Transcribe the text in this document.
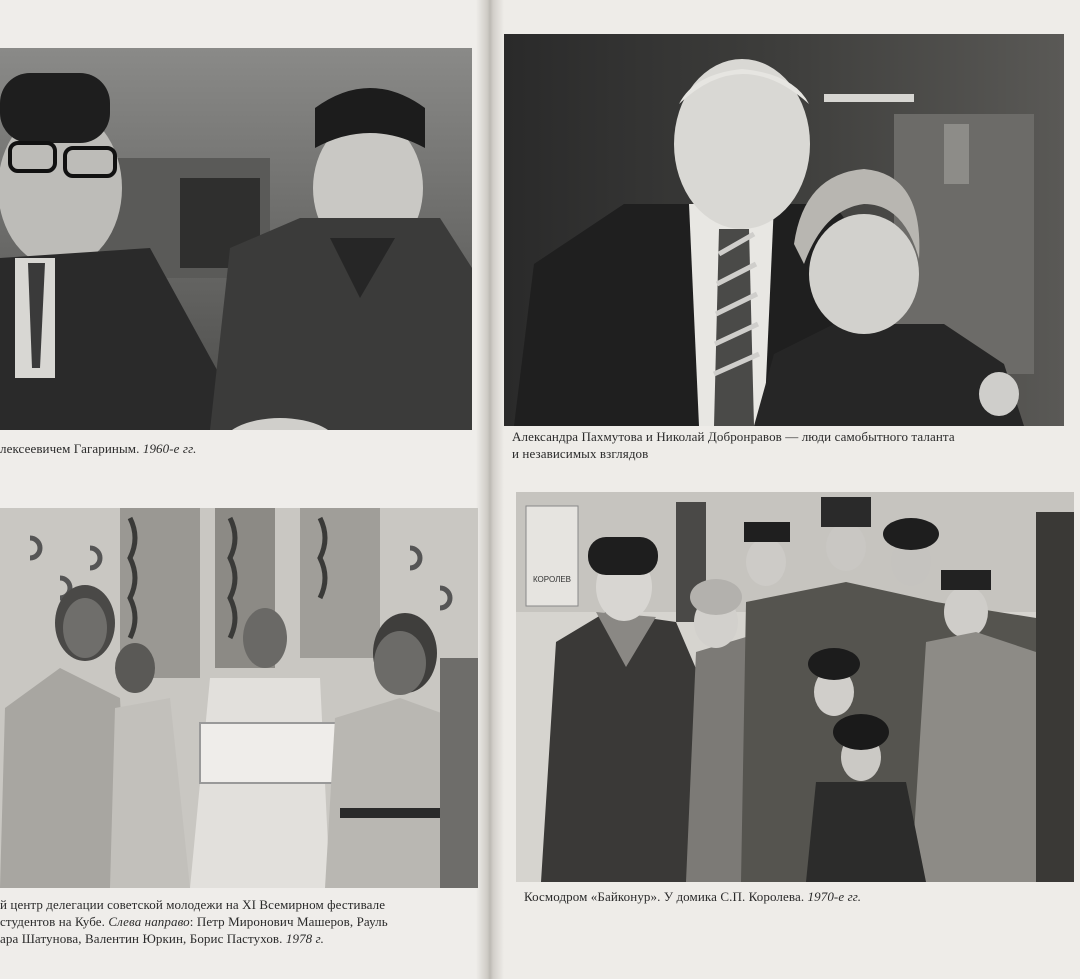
лексеевичем Гагариным. 1960-е гг.
Александра Пахмутова и Николай Добронравов — люди самобытного таланта
и независимых взглядов
й центр делегации советской молодежи на XI Всемирном фестивале
студентов на Кубе. Слева направо: Петр Миронович Машеров, Рауль
ара Шатунова, Валентин Юркин, Борис Пастухов. 1978 г.
КОРОЛЕВ
Космодром «Байконур». У домика С.П. Королева. 1970-е гг.
